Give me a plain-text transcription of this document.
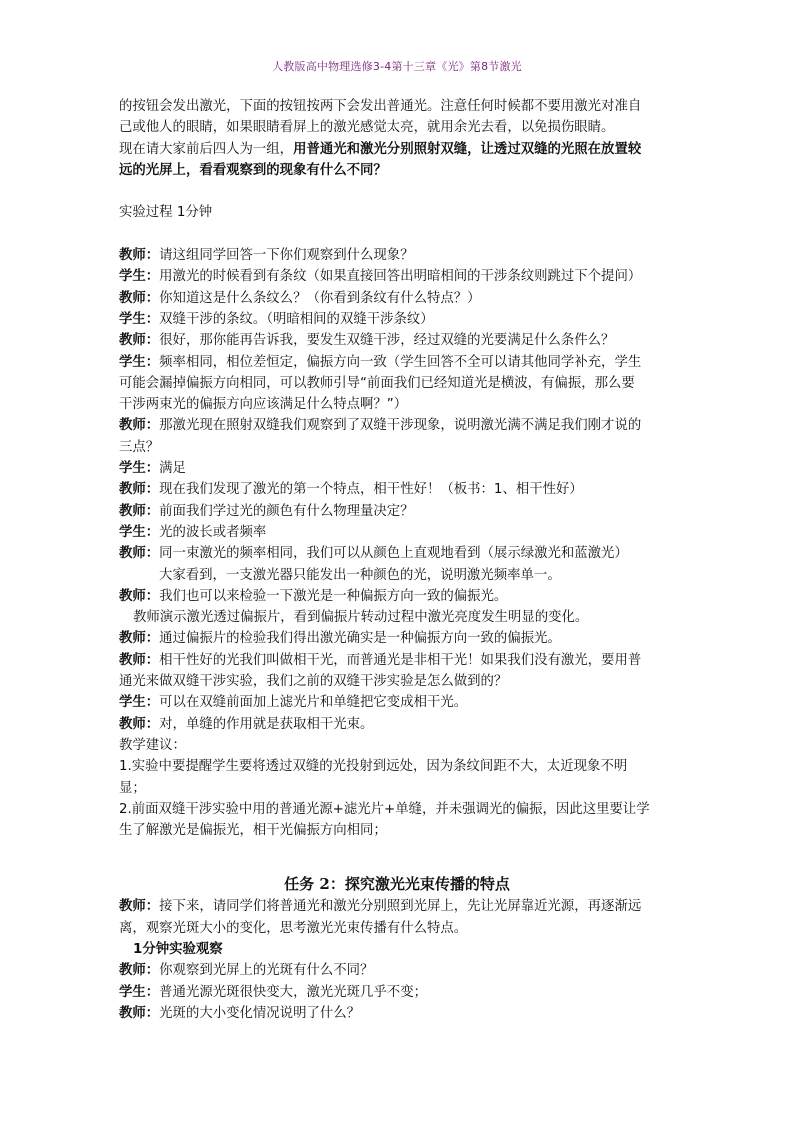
人教版高中物理选修3-4第十三章《光》第8节激光

的按钮会发出激光，下面的按钮按两下会发出普通光。注意任何时候都不要用激光对准自

己或他人的眼睛，如果眼睛看屏上的激光感觉太亮，就用余光去看，以免损伤眼睛。

现在请大家前后四人为一组，用普通光和激光分别照射双缝，让透过双缝的光照在放置较

远的光屏上，看看观察到的现象有什么不同？

实验过程 1分钟

教师：请这组同学回答一下你们观察到什么现象？

学生：用激光的时候看到有条纹（如果直接回答出明暗相间的干涉条纹则跳过下个提问）

教师：你知道这是什么条纹么？（你看到条纹有什么特点？）

学生：双缝干涉的条纹。（明暗相间的双缝干涉条纹）

教师：很好，那你能再告诉我，要发生双缝干涉，经过双缝的光要满足什么条件么？

学生：频率相同，相位差恒定，偏振方向一致（学生回答不全可以请其他同学补充，学生

可能会漏掉偏振方向相同，可以教师引导“前面我们已经知道光是横波，有偏振，那么要

干涉两束光的偏振方向应该满足什么特点啊？”）

教师：那激光现在照射双缝我们观察到了双缝干涉现象，说明激光满不满足我们刚才说的

三点？

学生：满足

教师：现在我们发现了激光的第一个特点，相干性好！（板书：1、相干性好）

教师：前面我们学过光的颜色有什么物理量决定？

学生：光的波长或者频率

教师：同一束激光的频率相同，我们可以从颜色上直观地看到（展示绿激光和蓝激光）

大家看到，一支激光器只能发出一种颜色的光，说明激光频率单一。

教师：我们也可以来检验一下激光是一种偏振方向一致的偏振光。

教师演示激光透过偏振片，看到偏振片转动过程中激光亮度发生明显的变化。

教师：通过偏振片的检验我们得出激光确实是一种偏振方向一致的偏振光。

教师：相干性好的光我们叫做相干光，而普通光是非相干光！如果我们没有激光，要用普

通光来做双缝干涉实验，我们之前的双缝干涉实验是怎么做到的？

学生：可以在双缝前面加上滤光片和单缝把它变成相干光。

教师：对，单缝的作用就是获取相干光束。

教学建议：

1.实验中要提醒学生要将透过双缝的光投射到远处，因为条纹间距不大，太近现象不明

显；

2.前面双缝干涉实验中用的普通光源+滤光片+单缝，并未强调光的偏振，因此这里要让学

生了解激光是偏振光，相干光偏振方向相同；

任务 2：探究激光光束传播的特点

教师：接下来，请同学们将普通光和激光分别照到光屏上，先让光屏靠近光源，再逐渐远

离，观察光斑大小的变化，思考激光光束传播有什么特点。

1分钟实验观察

教师：你观察到光屏上的光斑有什么不同？

学生：普通光源光斑很快变大，激光光斑几乎不变；

教师：光斑的大小变化情况说明了什么？
